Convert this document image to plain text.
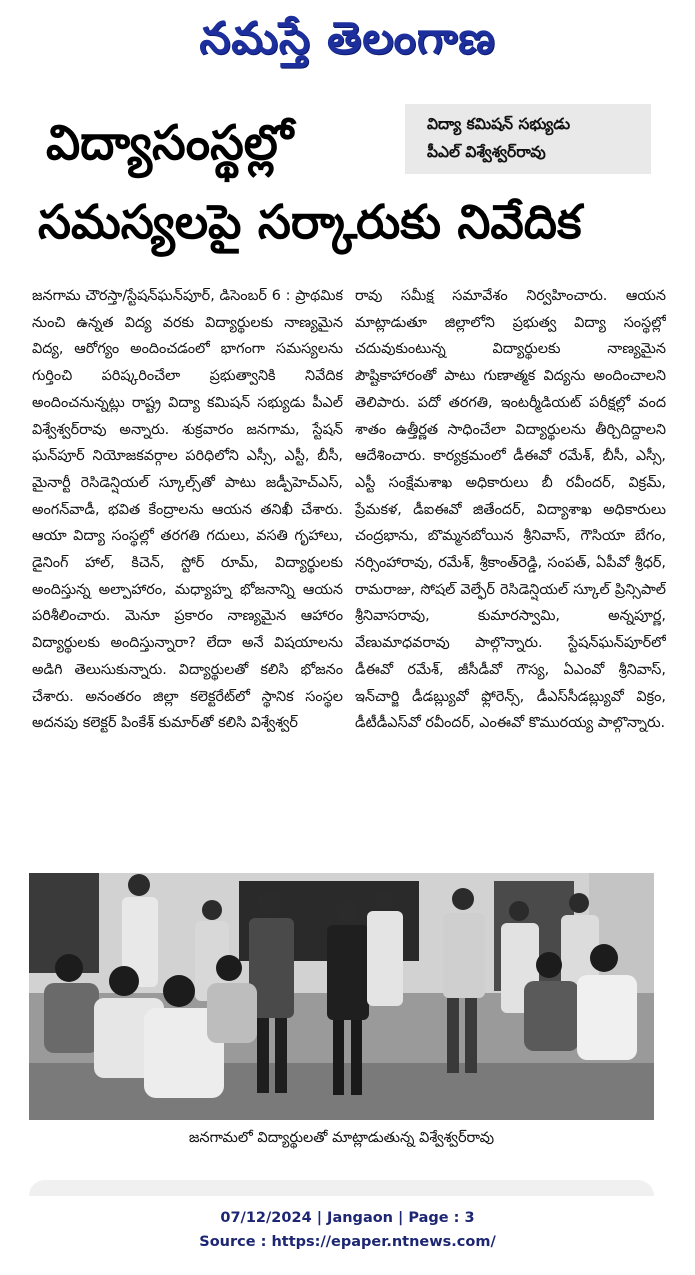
నమస్తే తెలంగాణ
విద్యాసంస్థల్లో
సమస్యలపై సర్కారుకు నివేదిక
విద్యా కమిషన్‌ సభ్యుడు
పీఎల్‌ విశ్వేశ్వర్‌రావు
జనగామ చౌరస్తా/స్టేషన్‌ఘన్‌పూర్‌, డిసెంబర్‌ 6 : ప్రాథమిక నుంచి ఉన్నత విద్య వరకు విద్యార్థులకు నాణ్యమైన విద్య, ఆరోగ్యం అందించడంలో భాగంగా సమస్యలను గుర్తించి పరిష్కరించేలా ప్రభుత్వానికి నివేదిక అందించనున్నట్లు రాష్ట్ర విద్యా కమిషన్‌ సభ్యుడు పీఎల్‌ విశ్వేశ్వర్‌రావు అన్నారు. శుక్రవారం జనగామ, స్టేషన్‌ ఘన్‌పూర్‌ నియోజకవర్గాల పరిధిలోని ఎస్సీ, ఎస్టీ, బీసీ, మైనార్టీ రెసిడెన్షియల్‌ స్కూల్స్‌తో పాటు జడ్పీహెచ్‌ఎస్‌, అంగన్‌వాడీ, భవిత కేంద్రాలను ఆయన తనిఖీ చేశారు. ఆయా విద్యా సంస్థల్లో తరగతి గదులు, వసతి గృహాలు, డైనింగ్‌ హాల్‌, కిచెన్‌, స్టోర్‌ రూమ్‌, విద్యార్థులకు అందిస్తున్న అల్పాహారం, మధ్యాహ్న భోజనాన్ని ఆయన పరిశీలించారు. మెనూ ప్రకారం నాణ్యమైన ఆహారం విద్యార్థులకు అందిస్తున్నారా? లేదా అనే విషయాలను అడిగి తెలుసుకున్నారు. విద్యార్థులతో కలిసి భోజనం చేశారు. అనంతరం జిల్లా కలెక్టరేట్‌లో స్థానిక సంస్థల అదనపు కలెక్టర్‌ పింకేశ్‌ కుమార్‌తో కలిసి విశ్వేశ్వర్‌
రావు సమీక్ష సమావేశం నిర్వహించారు. ఆయన మాట్లాడుతూ జిల్లాలోని ప్రభుత్వ విద్యా సంస్థల్లో చదువుకుంటున్న విద్యార్థులకు నాణ్యమైన పౌష్టికాహారంతో పాటు గుణాత్మక విద్యను అందించాలని తెలిపారు. పదో తరగతి, ఇంటర్మీడియట్‌ పరీక్షల్లో వంద శాతం ఉత్తీర్ణత సాధించేలా విద్యార్థులను తీర్చిదిద్దాలని ఆదేశించారు. కార్యక్రమంలో డీఈవో రమేశ్‌, బీసీ, ఎస్సీ, ఎస్టీ సంక్షేమశాఖ అధికారులు బీ రవీందర్‌, విక్రమ్‌, ప్రేమకళ, డీఐఈవో జితేందర్‌, విద్యాశాఖ అధికారులు చంద్రభాను, బొమ్మనబోయిన శ్రీనివాస్‌, గౌసియా బేగం, నర్సింహారావు, రమేశ్‌, శ్రీకాంత్‌రెడ్డి, సంపత్‌, ఏపీవో శ్రీధర్‌, రామరాజు, సోషల్‌ వెల్ఫేర్‌ రెసిడెన్షియల్‌ స్కూల్‌ ప్రిన్సిపాల్‌ శ్రీనివాసరావు, కుమారస్వామి, అన్నపూర్ణ, వేణుమాధవరావు పాల్గొన్నారు. స్టేషన్‌ఘన్‌పూర్‌లో డీఈవో రమేశ్‌, జీసీడీవో గౌస్య, ఏఎంవో శ్రీనివాస్‌, ఇన్‌చార్జి డీడబ్ల్యువో ఫ్లోరెన్స్‌, డీఎస్‌సీడబ్ల్యువో విక్రం, డీటీడీఎస్‌వో రవీందర్‌, ఎంఈవో కొమురయ్య పాల్గొన్నారు.
జనగామలో విద్యార్థులతో మాట్లాడుతున్న విశ్వేశ్వర్‌రావు
07/12/2024 | Jangaon | Page : 3
Source : https://epaper.ntnews.com/
